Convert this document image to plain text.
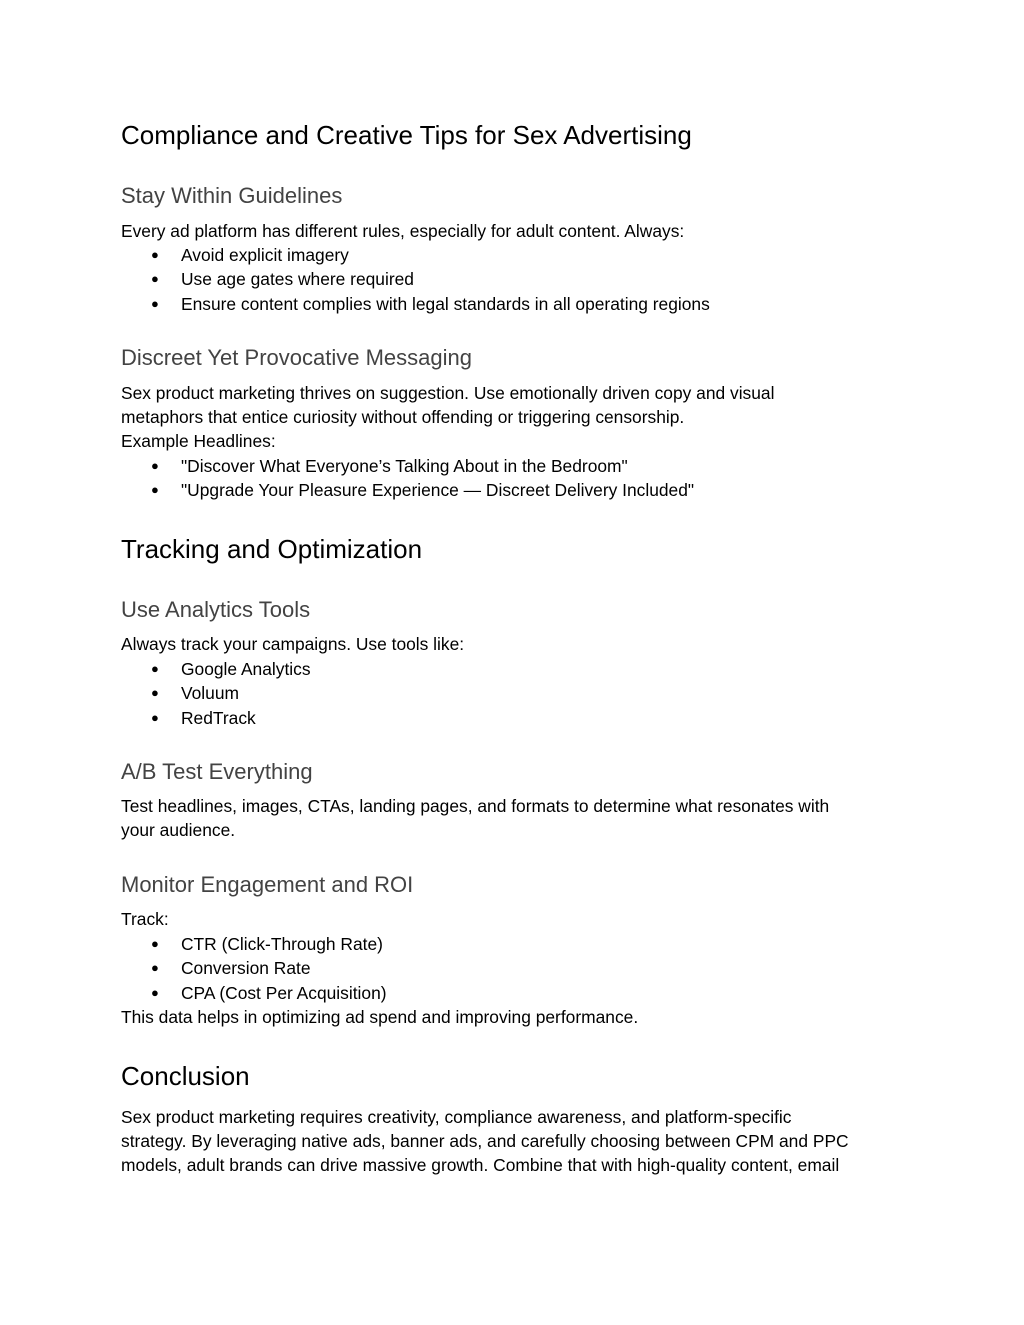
Compliance and Creative Tips for Sex Advertising
Stay Within Guidelines

Every ad platform has different rules, especially for adult content. Always:

● Avoid explicit imagery
● Use age gates where required
● Ensure content complies with legal standards in all operating regions
Discreet Yet Provocative Messaging

Sex product marketing thrives on suggestion. Use emotionally driven copy and visual

metaphors that entice curiosity without offending or triggering censorship.

Example Headlines:

● "Discover What Everyone’s Talking About in the Bedroom"
● "Upgrade Your Pleasure Experience — Discreet Delivery Included"
Tracking and Optimization
Use Analytics Tools

Always track your campaigns. Use tools like:

● Google Analytics
● Voluum
● RedTrack
A/B Test Everything

Test headlines, images, CTAs, landing pages, and formats to determine what resonates with

your audience.

Monitor Engagement and ROI

Track:

● CTR (Click-Through Rate)
● Conversion Rate
● CPA (Cost Per Acquisition)

This data helps in optimizing ad spend and improving performance.

Conclusion

Sex product marketing requires creativity, compliance awareness, and platform-specific

strategy. By leveraging native ads, banner ads, and carefully choosing between CPM and PPC

models, adult brands can drive massive growth. Combine that with high-quality content, email
